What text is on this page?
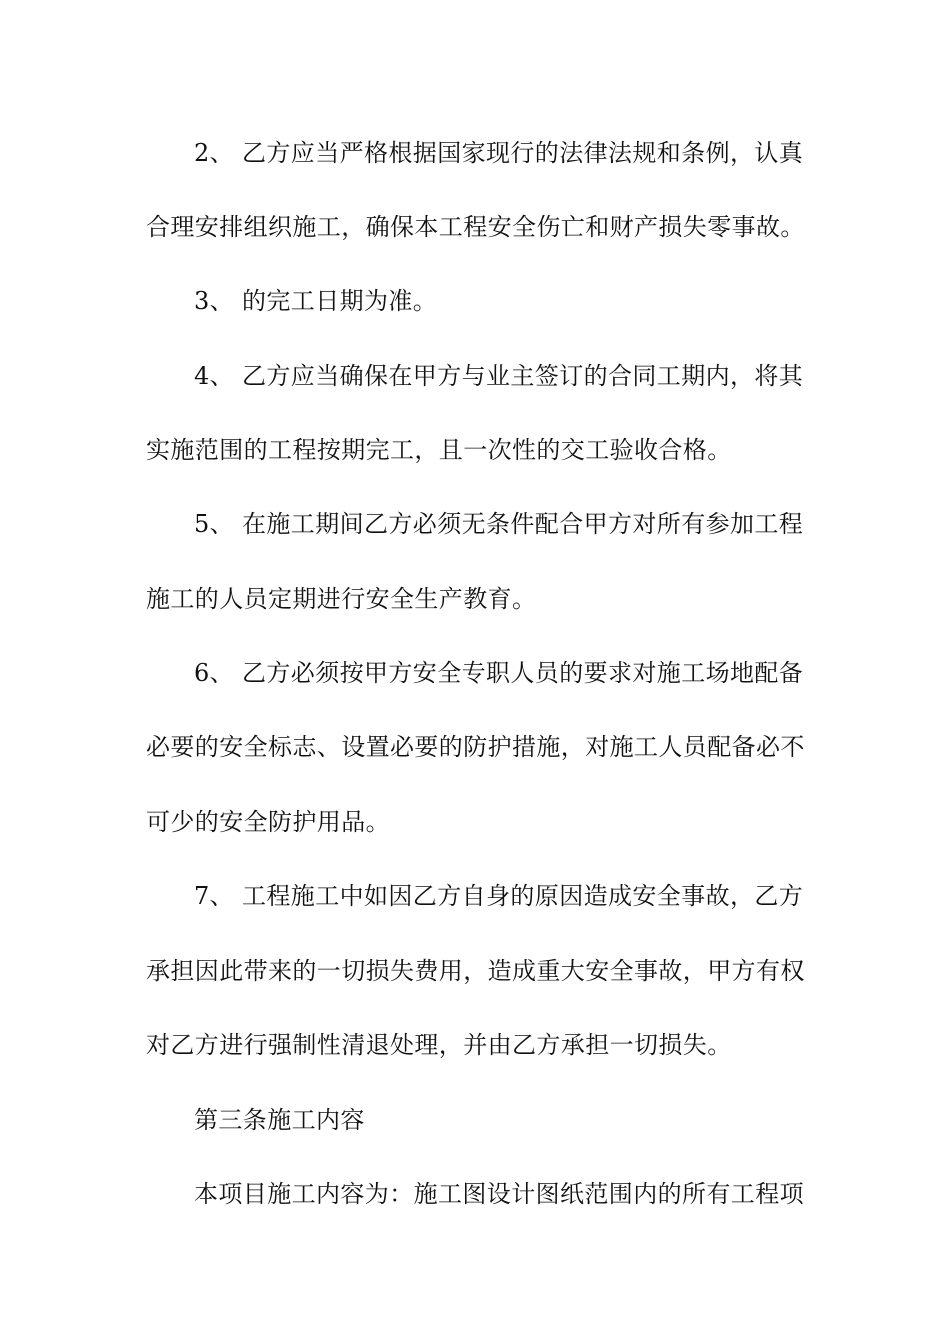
2、 乙方应当严格根据国家现行的法律法规和条例，认真
合理安排组织施工，确保本工程安全伤亡和财产损失零事故。
3、 的完工日期为准。
4、 乙方应当确保在甲方与业主签订的合同工期内，将其
实施范围的工程按期完工，且一次性的交工验收合格。
5、 在施工期间乙方必须无条件配合甲方对所有参加工程
施工的人员定期进行安全生产教育。
6、 乙方必须按甲方安全专职人员的要求对施工场地配备
必要的安全标志、设置必要的防护措施，对施工人员配备必不
可少的安全防护用品。
7、 工程施工中如因乙方自身的原因造成安全事故，乙方
承担因此带来的一切损失费用，造成重大安全事故，甲方有权
对乙方进行强制性清退处理，并由乙方承担一切损失。
第三条施工内容
本项目施工内容为：施工图设计图纸范围内的所有工程项
